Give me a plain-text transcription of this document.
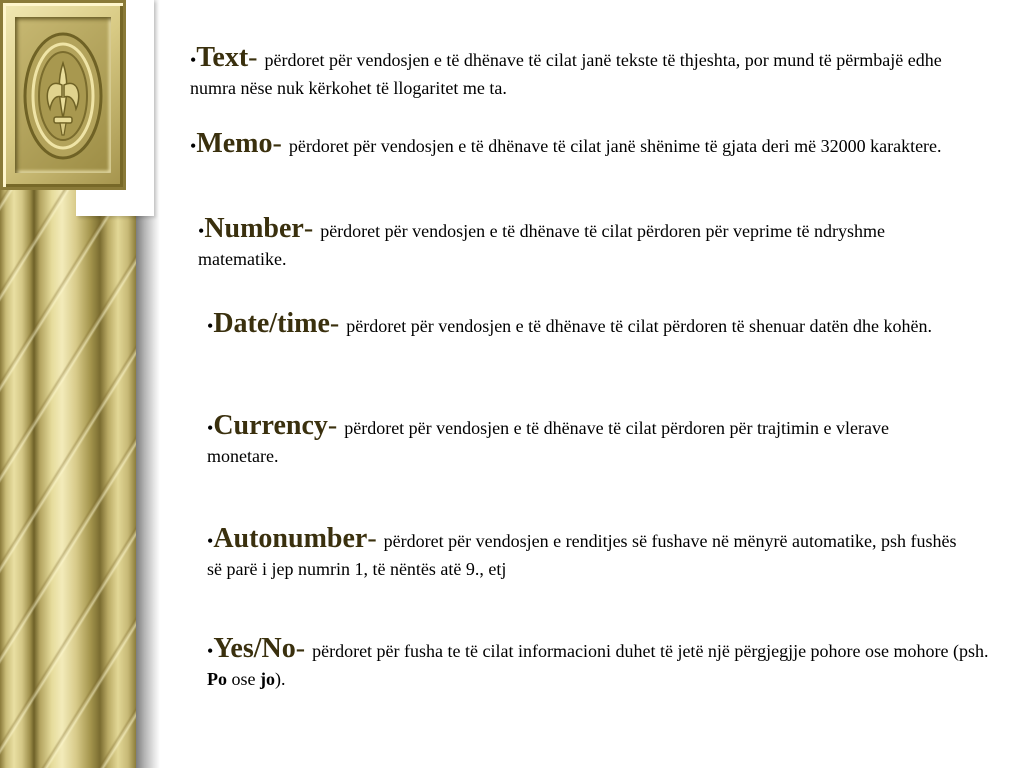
•Text- përdoret për vendosjen e të dhënave të cilat janë tekste të thjeshta, por mund të përmbajë edhe numra nëse nuk kërkohet të llogaritet me ta.

•Memo- përdoret për vendosjen e të dhënave të cilat janë shënime të gjata deri më 32000 karaktere.

•Number- përdoret për vendosjen e të dhënave të cilat përdoren për veprime të ndryshme matematike.

•Date/time- përdoret për vendosjen e të dhënave të cilat përdoren të shenuar datën dhe kohën.

•Currency- përdoret për vendosjen e të dhënave të cilat përdoren për trajtimin e vlerave monetare.

•Autonumber- përdoret për vendosjen e renditjes së fushave në mënyrë automatike, psh fushës së parë i jep numrin 1, të nëntës atë 9., etj

•Yes/No- përdoret për fusha te të cilat informacioni duhet të jetë një përgjegjje pohore ose mohore (psh. Po ose jo).
